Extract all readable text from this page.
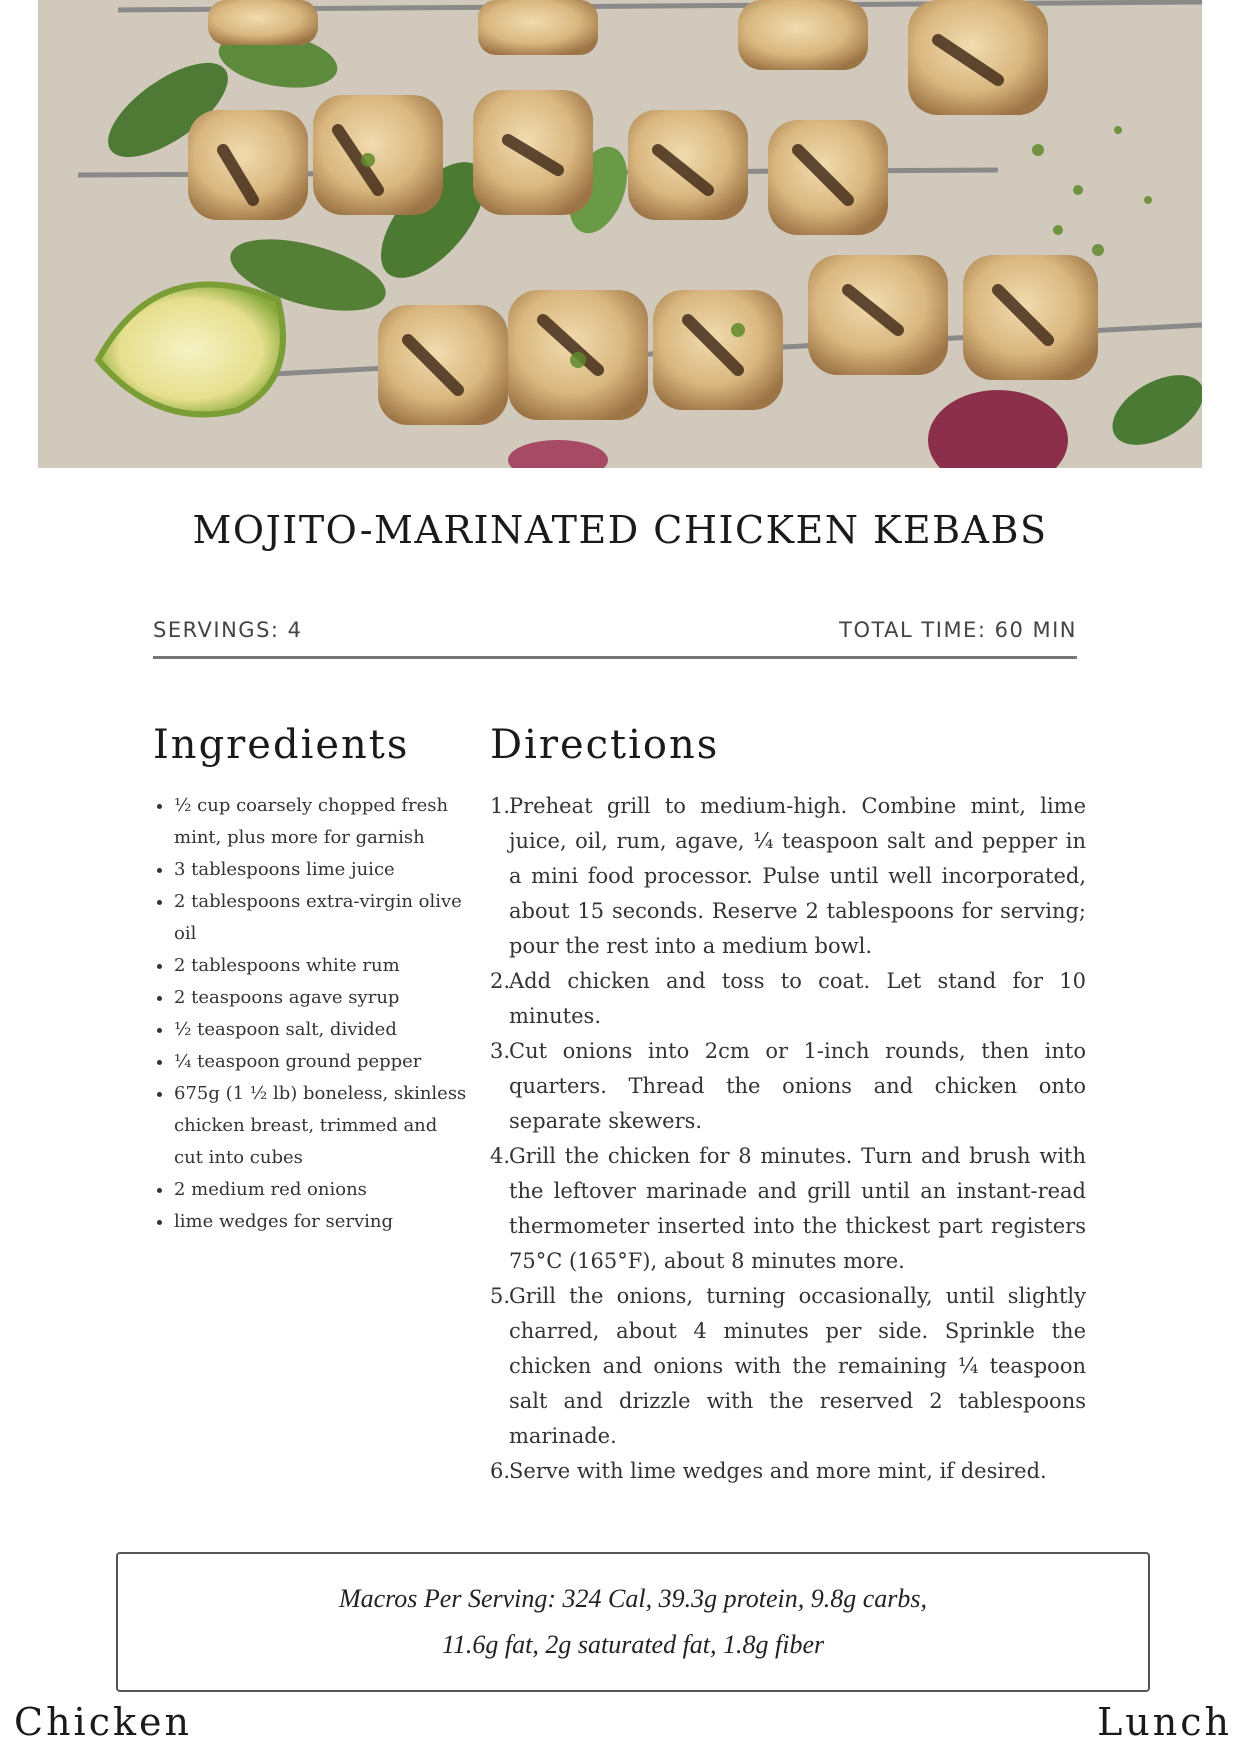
MOJITO-MARINATED CHICKEN KEBABS
SERVINGS: 4	TOTAL TIME: 60 MIN
Ingredients
• ½ cup coarsely chopped fresh mint, plus more for garnish
• 3 tablespoons lime juice
• 2 tablespoons extra-virgin olive oil
• 2 tablespoons white rum
• 2 teaspoons agave syrup
• ½ teaspoon salt, divided
• ¼ teaspoon ground pepper
• 675g (1 ½ lb) boneless, skinless chicken breast, trimmed and cut into cubes
• 2 medium red onions
• lime wedges for serving
Directions
1.
Preheat grill to medium-high. Combine mint, lime juice, oil, rum, agave, ¼ teaspoon salt and pepper in a mini food processor. Pulse until well incorporated, about 15 seconds. Reserve 2 tablespoons for serving; pour the rest into a medium bowl.
2.
Add chicken and toss to coat. Let stand for 10 minutes.
3.
Cut onions into 2cm or 1-inch rounds, then into quarters. Thread the onions and chicken onto separate skewers.
4.
Grill the chicken for 8 minutes. Turn and brush with the leftover marinade and grill until an instant-read thermometer inserted into the thickest part registers 75°C (165°F), about 8 minutes more.
5.
Grill the onions, turning occasionally, until slightly charred, about 4 minutes per side. Sprinkle the chicken and onions with the remaining ¼ teaspoon salt and drizzle with the reserved 2 tablespoons marinade.
6.
Serve with lime wedges and more mint, if desired.
Macros Per Serving: 324 Cal, 39.3g protein, 9.8g carbs,
11.6g fat, 2g saturated fat, 1.8g fiber
Chicken	Lunch
